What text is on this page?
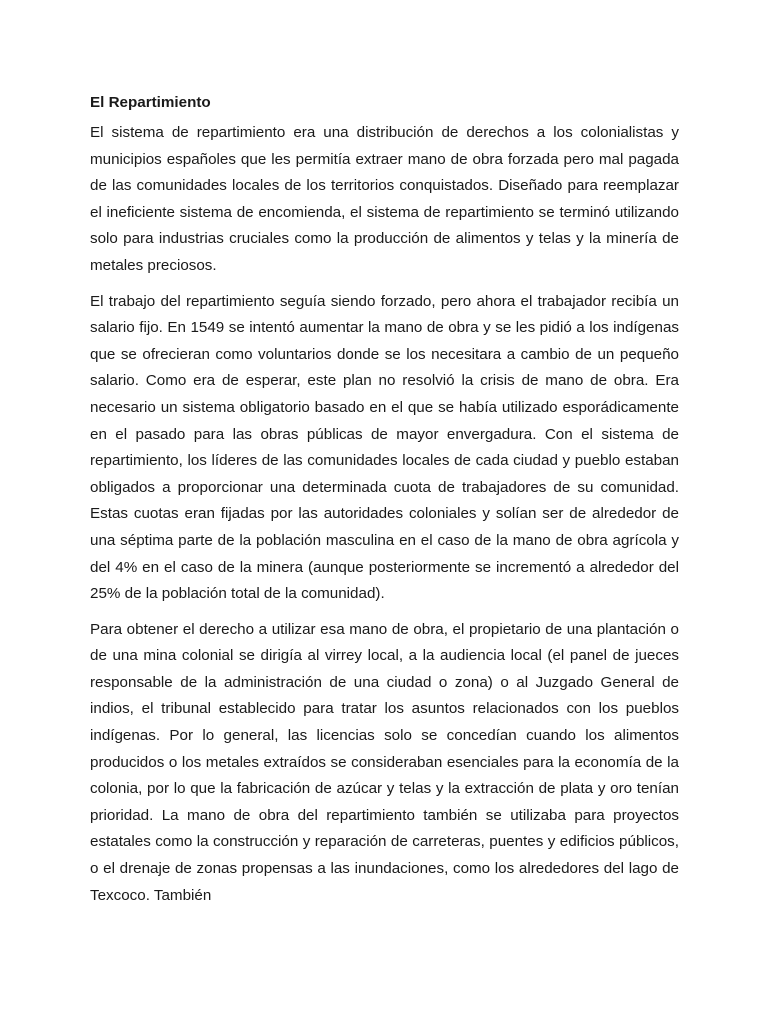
El Repartimiento

El sistema de repartimiento era una distribución de derechos a los colonialistas y municipios españoles que les permitía extraer mano de obra forzada pero mal pagada de las comunidades locales de los territorios conquistados. Diseñado para reemplazar el ineficiente sistema de encomienda, el sistema de repartimiento se terminó utilizando solo para industrias cruciales como la producción de alimentos y telas y la minería de metales preciosos.

El trabajo del repartimiento seguía siendo forzado, pero ahora el trabajador recibía un salario fijo. En 1549 se intentó aumentar la mano de obra y se les pidió a los indígenas que se ofrecieran como voluntarios donde se los necesitara a cambio de un pequeño salario. Como era de esperar, este plan no resolvió la crisis de mano de obra. Era necesario un sistema obligatorio basado en el que se había utilizado esporádicamente en el pasado para las obras públicas de mayor envergadura. Con el sistema de repartimiento, los líderes de las comunidades locales de cada ciudad y pueblo estaban obligados a proporcionar una determinada cuota de trabajadores de su comunidad. Estas cuotas eran fijadas por las autoridades coloniales y solían ser de alrededor de una séptima parte de la población masculina en el caso de la mano de obra agrícola y del 4% en el caso de la minera (aunque posteriormente se incrementó a alrededor del 25% de la población total de la comunidad).

Para obtener el derecho a utilizar esa mano de obra, el propietario de una plantación o de una mina colonial se dirigía al virrey local, a la audiencia local (el panel de jueces responsable de la administración de una ciudad o zona) o al Juzgado General de indios, el tribunal establecido para tratar los asuntos relacionados con los pueblos indígenas. Por lo general, las licencias solo se concedían cuando los alimentos producidos o los metales extraídos se consideraban esenciales para la economía de la colonia, por lo que la fabricación de azúcar y telas y la extracción de plata y oro tenían prioridad. La mano de obra del repartimiento también se utilizaba para proyectos estatales como la construcción y reparación de carreteras, puentes y edificios públicos, o el drenaje de zonas propensas a las inundaciones, como los alrededores del lago de Texcoco. También
